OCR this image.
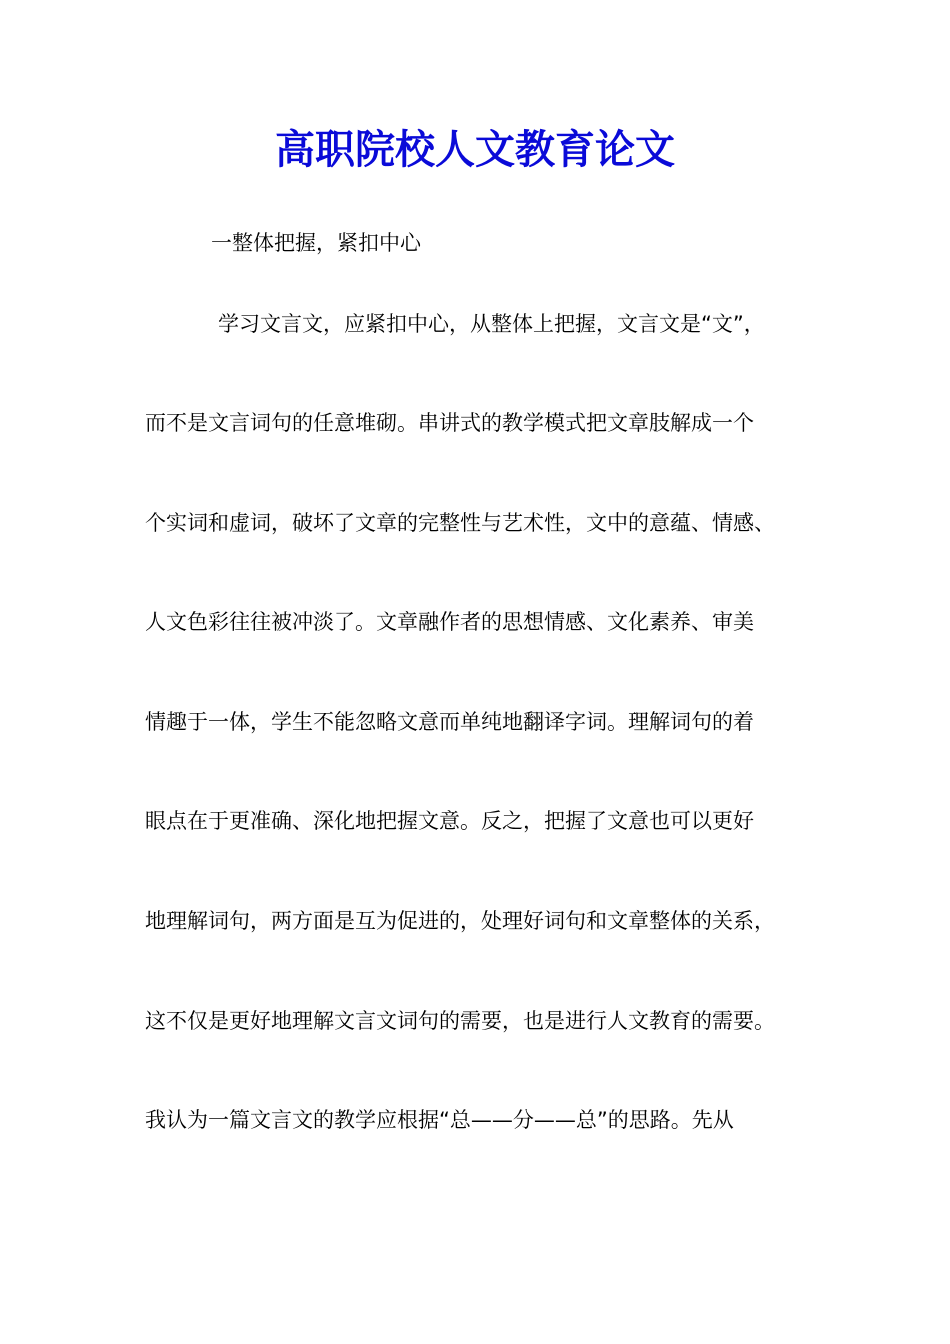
高职院校人文教育论文

一整体把握，紧扣中心

学习文言文，应紧扣中心，从整体上把握，文言文是“文”，

而不是文言词句的任意堆砌。串讲式的教学模式把文章肢解成一个

个实词和虚词，破坏了文章的完整性与艺术性，文中的意蕴、情感、

人文色彩往往被冲淡了。文章融作者的思想情感、文化素养、审美

情趣于一体，学生不能忽略文意而单纯地翻译字词。理解词句的着

眼点在于更准确、深化地把握文意。反之，把握了文意也可以更好

地理解词句，两方面是互为促进的，处理好词句和文章整体的关系，

这不仅是更好地理解文言文词句的需要，也是进行人文教育的需要。

我认为一篇文言文的教学应根据“总——分——总”的思路。先从
